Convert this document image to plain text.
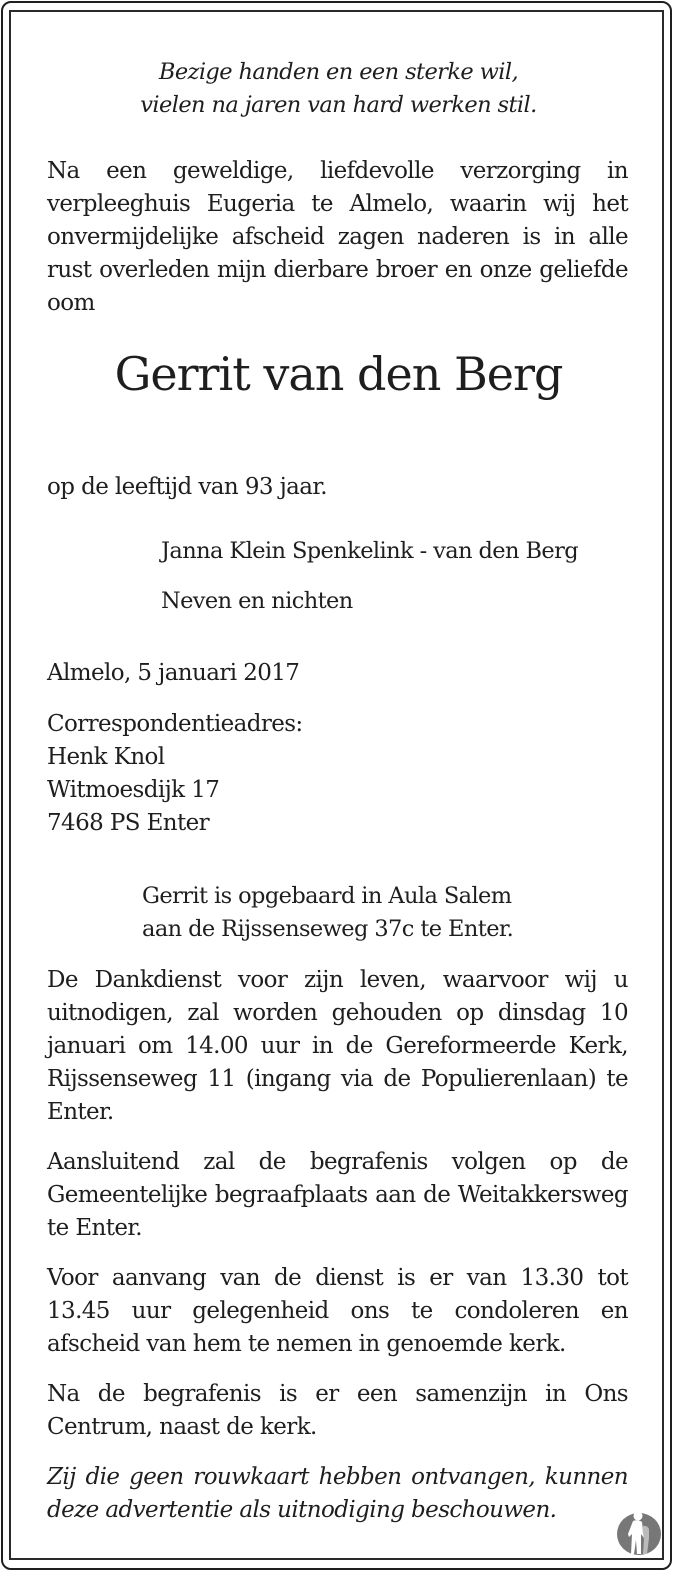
Bezige handen en een sterke wil,
vielen na jaren van hard werken stil.
Na een geweldige, liefdevolle verzorging in verpleeghuis Eugeria te Almelo, waarin wij het onvermijdelijke afscheid zagen naderen is in alle rust overleden mijn dierbare broer en onze geliefde oom
Gerrit van den Berg
op de leeftijd van 93 jaar.
Janna Klein Spenkelink - van den Berg
Neven en nichten
Almelo, 5 januari 2017
Correspondentieadres:
Henk Knol
Witmoesdijk 17
7468 PS Enter
Gerrit is opgebaard in Aula Salem
aan de Rijssenseweg 37c te Enter.
De Dankdienst voor zijn leven, waarvoor wij u uitnodigen, zal worden gehouden op dinsdag 10 januari om 14.00 uur in de Gereformeerde Kerk, Rijssenseweg 11 (ingang via de Populierenlaan) te Enter.
Aansluitend zal de begrafenis volgen op de Gemeentelijke begraafplaats aan de Weitakkersweg te Enter.
Voor aanvang van de dienst is er van 13.30 tot 13.45 uur gelegenheid ons te condoleren en afscheid van hem te nemen in genoemde kerk.
Na de begrafenis is er een samenzijn in Ons Centrum, naast de kerk.
Zij die geen rouwkaart hebben ontvangen, kunnen deze advertentie als uitnodiging beschouwen.
